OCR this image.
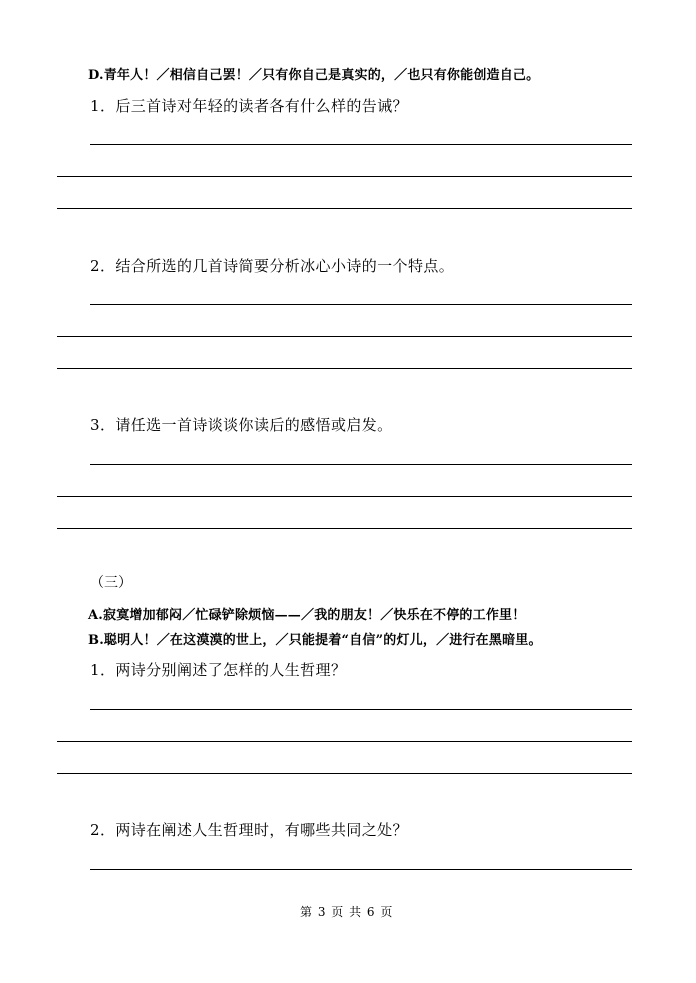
D.青年人！／相信自己罢！／只有你自己是真实的，／也只有你能创造自己。
1．后三首诗对年轻的读者各有什么样的告诫？
2．结合所选的几首诗简要分析冰心小诗的一个特点。
3．请任选一首诗谈谈你读后的感悟或启发。
（三）
A.寂寞增加郁闷／忙碌铲除烦恼——／我的朋友！／快乐在不停的工作里！
B.聪明人！／在这漠漠的世上，／只能提着“自信”的灯儿，／进行在黑暗里。
1．两诗分别阐述了怎样的人生哲理？
2．两诗在阐述人生哲理时，有哪些共同之处？
第 3 页 共 6 页
